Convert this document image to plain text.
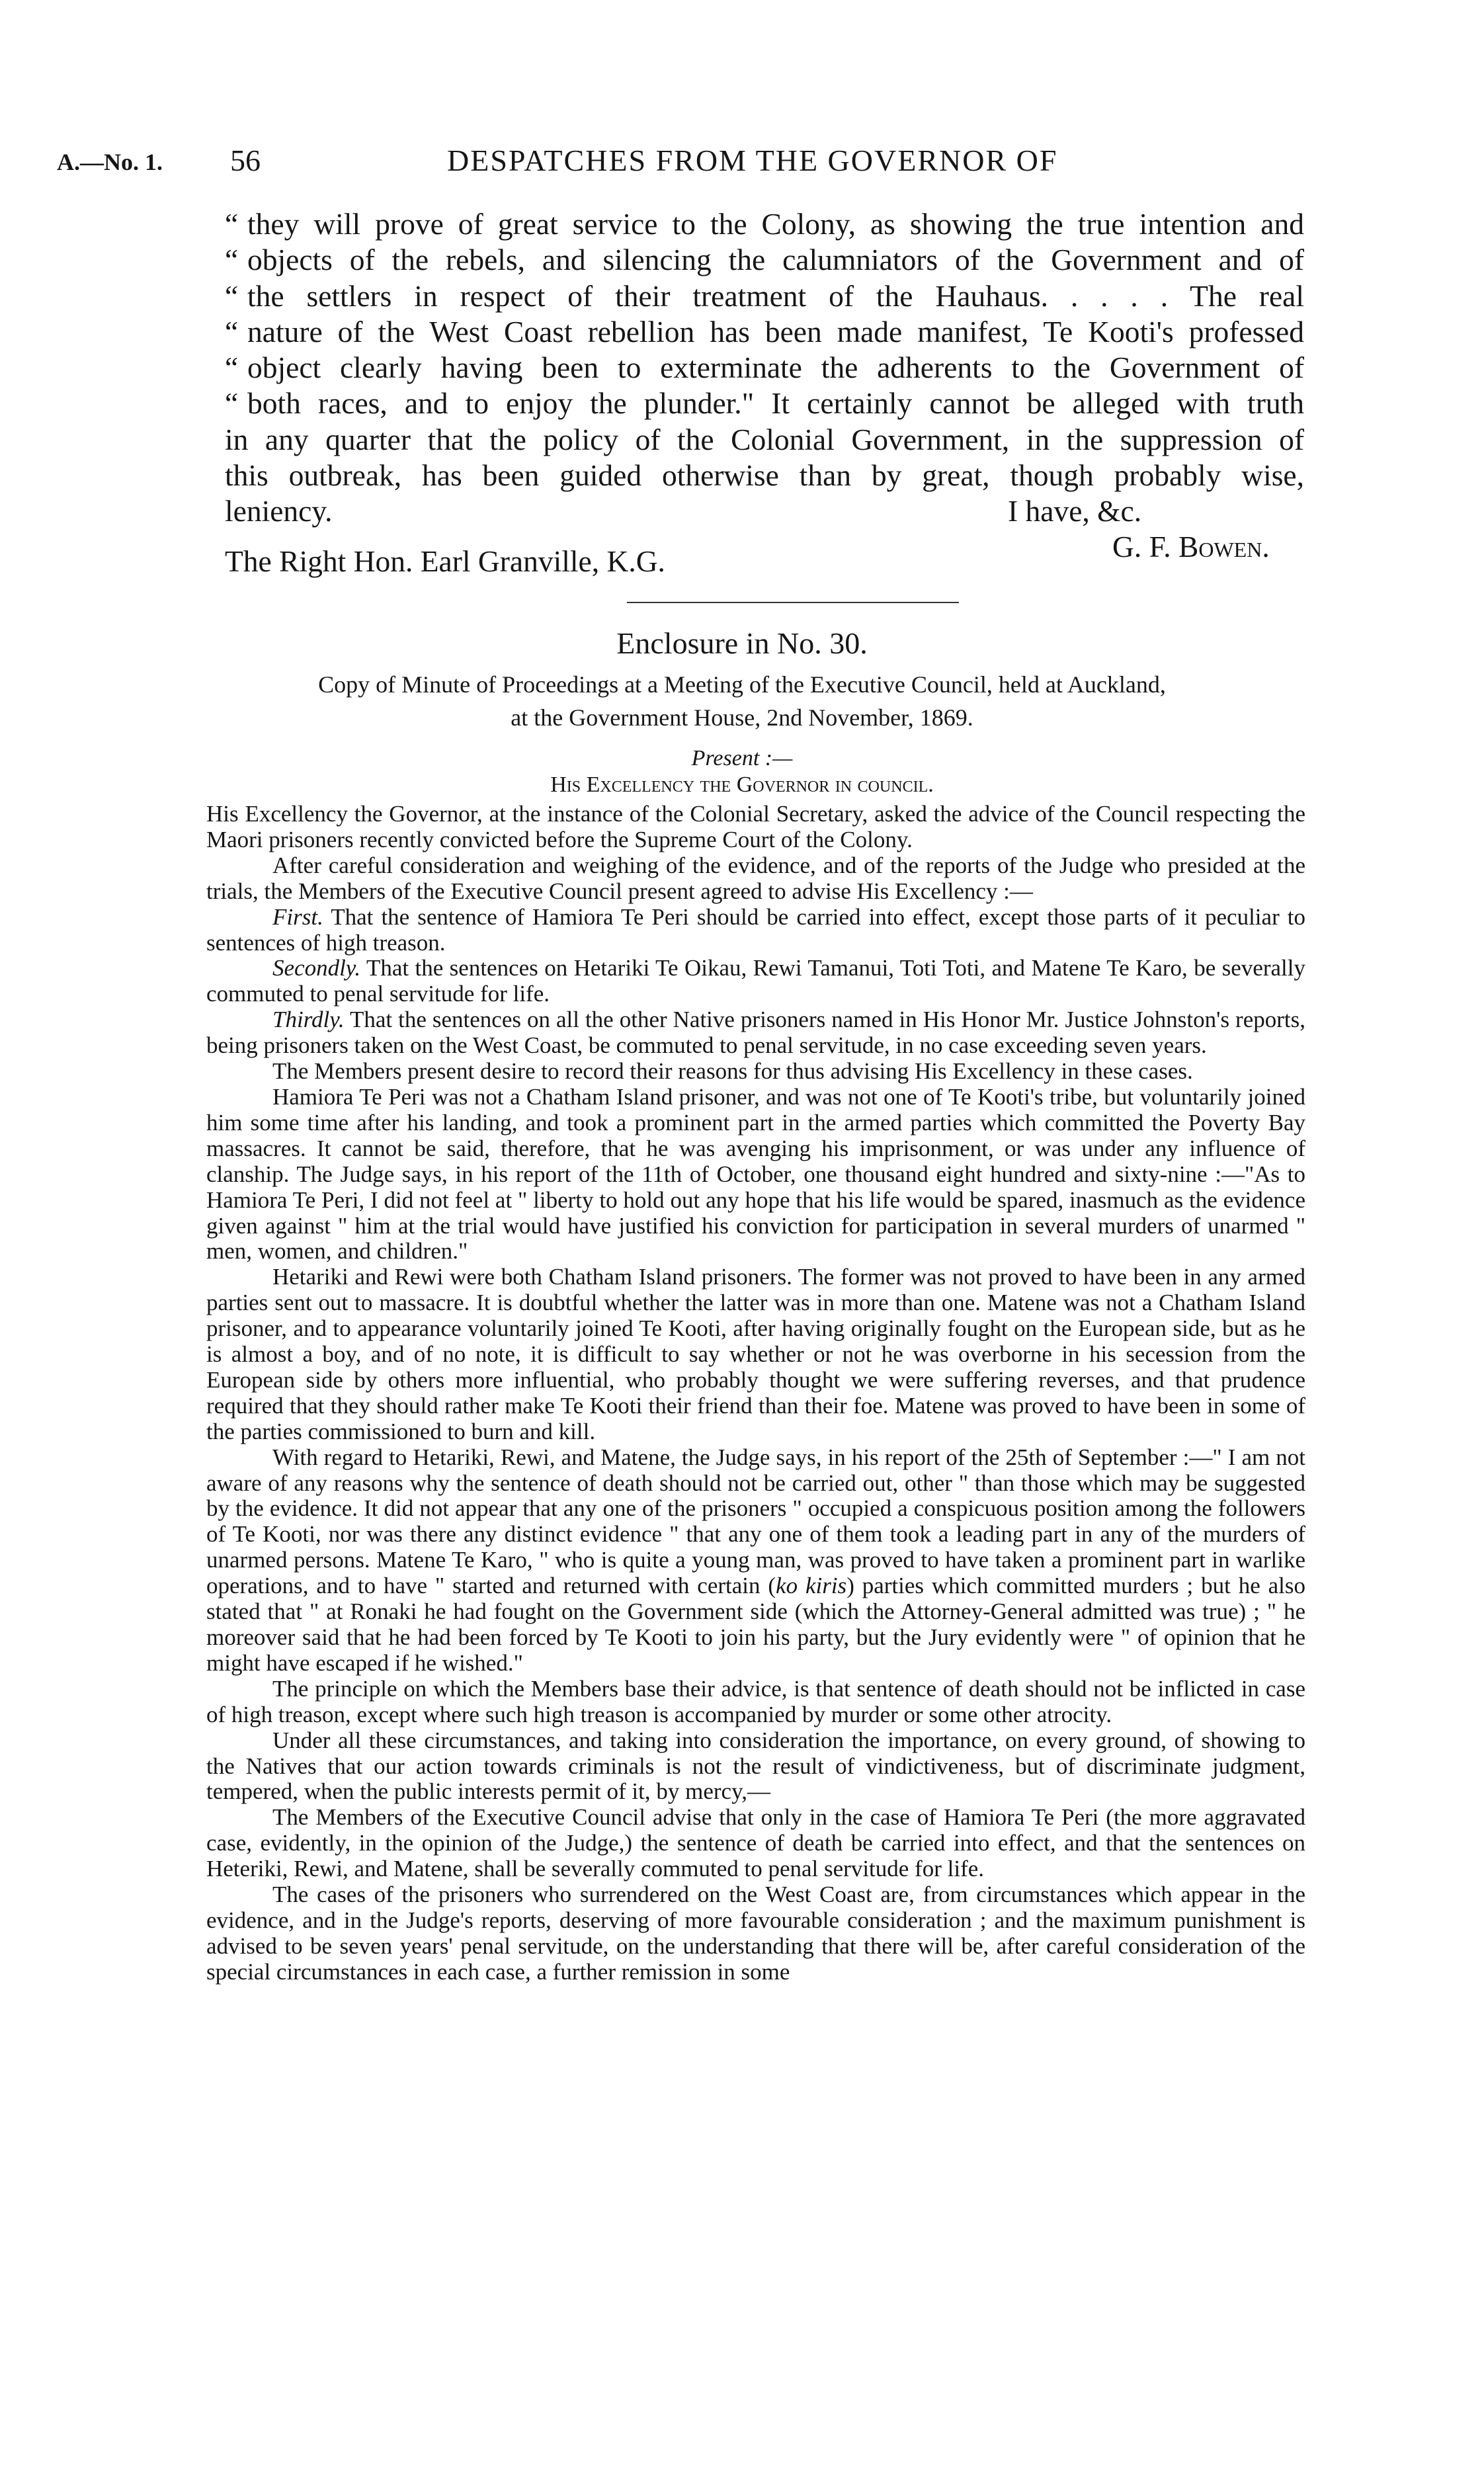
A.—No. 1. 56	DESPATCHES FROM THE GOVERNOR OF
“ they will prove of great service to the Colony, as showing the true intention and
“ objects of the rebels, and silencing the calumniators of the Government and of
“ the settlers in respect of their treatment of the Hauhaus. . . . . The real
“ nature of the West Coast rebellion has been made manifest, Te Kooti's professed
“ object clearly having been to exterminate the adherents to the Government of
“ both races, and to enjoy the plunder." It certainly cannot be alleged with truth
in any quarter that the policy of the Colonial Government, in the suppression of
this outbreak, has been guided otherwise than by great, though probably wise,
leniency.	I have, &c.
G. F. Bowen.
The Right Hon. Earl Granville, K.G.
Enclosure in No. 30.
Copy of Minute of Proceedings at a Meeting of the Executive Council, held at Auckland,
at the Government House, 2nd November, 1869.
Present :—
His Excellency the Governor in council.

His Excellency the Governor, at the instance of the Colonial Secretary, asked the advice of the Council respecting the Maori prisoners recently convicted before the Supreme Court of the Colony.

After careful consideration and weighing of the evidence, and of the reports of the Judge who presided at the trials, the Members of the Executive Council present agreed to advise His Excellency :—

First. That the sentence of Hamiora Te Peri should be carried into effect, except those parts of it peculiar to sentences of high treason.

Secondly. That the sentences on Hetariki Te Oikau, Rewi Tamanui, Toti Toti, and Matene Te Karo, be severally commuted to penal servitude for life.

Thirdly. That the sentences on all the other Native prisoners named in His Honor Mr. Justice Johnston's reports, being prisoners taken on the West Coast, be commuted to penal servitude, in no case exceeding seven years.

The Members present desire to record their reasons for thus advising His Excellency in these cases.

Hamiora Te Peri was not a Chatham Island prisoner, and was not one of Te Kooti's tribe, but voluntarily joined him some time after his landing, and took a prominent part in the armed parties which committed the Poverty Bay massacres. It cannot be said, therefore, that he was avenging his imprisonment, or was under any influence of clanship. The Judge says, in his report of the 11th of October, one thousand eight hundred and sixty-nine :—"As to Hamiora Te Peri, I did not feel at " liberty to hold out any hope that his life would be spared, inasmuch as the evidence given against " him at the trial would have justified his conviction for participation in several murders of unarmed " men, women, and children."

Hetariki and Rewi were both Chatham Island prisoners. The former was not proved to have been in any armed parties sent out to massacre. It is doubtful whether the latter was in more than one. Matene was not a Chatham Island prisoner, and to appearance voluntarily joined Te Kooti, after having originally fought on the European side, but as he is almost a boy, and of no note, it is difficult to say whether or not he was overborne in his secession from the European side by others more influential, who probably thought we were suffering reverses, and that prudence required that they should rather make Te Kooti their friend than their foe. Matene was proved to have been in some of the parties commissioned to burn and kill.

With regard to Hetariki, Rewi, and Matene, the Judge says, in his report of the 25th of September :—" I am not aware of any reasons why the sentence of death should not be carried out, other " than those which may be suggested by the evidence. It did not appear that any one of the prisoners " occupied a conspicuous position among the followers of Te Kooti, nor was there any distinct evidence " that any one of them took a leading part in any of the murders of unarmed persons. Matene Te Karo, " who is quite a young man, was proved to have taken a prominent part in warlike operations, and to have " started and returned with certain (ko kiris) parties which committed murders ; but he also stated that " at Ronaki he had fought on the Government side (which the Attorney-General admitted was true) ; " he moreover said that he had been forced by Te Kooti to join his party, but the Jury evidently were " of opinion that he might have escaped if he wished."

The principle on which the Members base their advice, is that sentence of death should not be inflicted in case of high treason, except where such high treason is accompanied by murder or some other atrocity.

Under all these circumstances, and taking into consideration the importance, on every ground, of showing to the Natives that our action towards criminals is not the result of vindictiveness, but of discriminate judgment, tempered, when the public interests permit of it, by mercy,—

The Members of the Executive Council advise that only in the case of Hamiora Te Peri (the more aggravated case, evidently, in the opinion of the Judge,) the sentence of death be carried into effect, and that the sentences on Heteriki, Rewi, and Matene, shall be severally commuted to penal servitude for life.

The cases of the prisoners who surrendered on the West Coast are, from circumstances which appear in the evidence, and in the Judge's reports, deserving of more favourable consideration ; and the maximum punishment is advised to be seven years' penal servitude, on the understanding that there will be, after careful consideration of the special circumstances in each case, a further remission in some
